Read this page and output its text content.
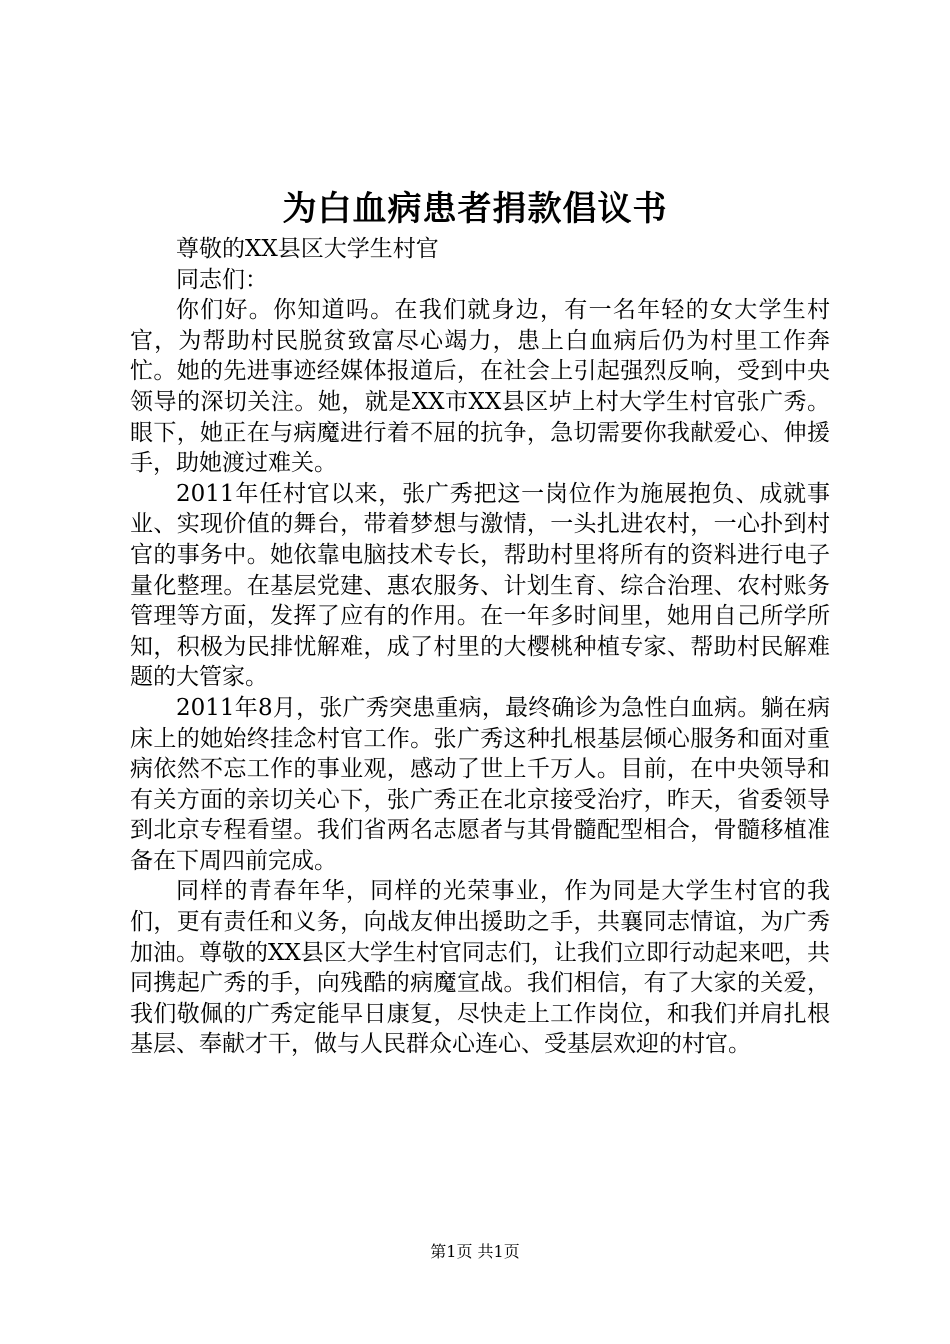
为白血病患者捐款倡议书

尊敬的XX县区大学生村官

同志们：

你们好。你知道吗。在我们就身边，有一名年轻的女大学生村官，为帮助村民脱贫致富尽心竭力，患上白血病后仍为村里工作奔忙。她的先进事迹经媒体报道后，在社会上引起强烈反响，受到中央领导的深切关注。她，就是XX市XX县区垆上村大学生村官张广秀。眼下，她正在与病魔进行着不屈的抗争，急切需要你我献爱心、伸援手，助她渡过难关。

2011年任村官以来，张广秀把这一岗位作为施展抱负、成就事业、实现价值的舞台，带着梦想与激情，一头扎进农村，一心扑到村官的事务中。她依靠电脑技术专长，帮助村里将所有的资料进行电子量化整理。在基层党建、惠农服务、计划生育、综合治理、农村账务管理等方面，发挥了应有的作用。在一年多时间里，她用自己所学所知，积极为民排忧解难，成了村里的大樱桃种植专家、帮助村民解难题的大管家。

2011年8月，张广秀突患重病，最终确诊为急性白血病。躺在病床上的她始终挂念村官工作。张广秀这种扎根基层倾心服务和面对重病依然不忘工作的事业观，感动了世上千万人。目前，在中央领导和有关方面的亲切关心下，张广秀正在北京接受治疗，昨天，省委领导到北京专程看望。我们省两名志愿者与其骨髓配型相合，骨髓移植准备在下周四前完成。

同样的青春年华，同样的光荣事业，作为同是大学生村官的我们，更有责任和义务，向战友伸出援助之手，共襄同志情谊，为广秀加油。尊敬的XX县区大学生村官同志们，让我们立即行动起来吧，共同携起广秀的手，向残酷的病魔宣战。我们相信，有了大家的关爱，我们敬佩的广秀定能早日康复，尽快走上工作岗位，和我们并肩扎根基层、奉献才干，做与人民群众心连心、受基层欢迎的村官。

第1页 共1页
